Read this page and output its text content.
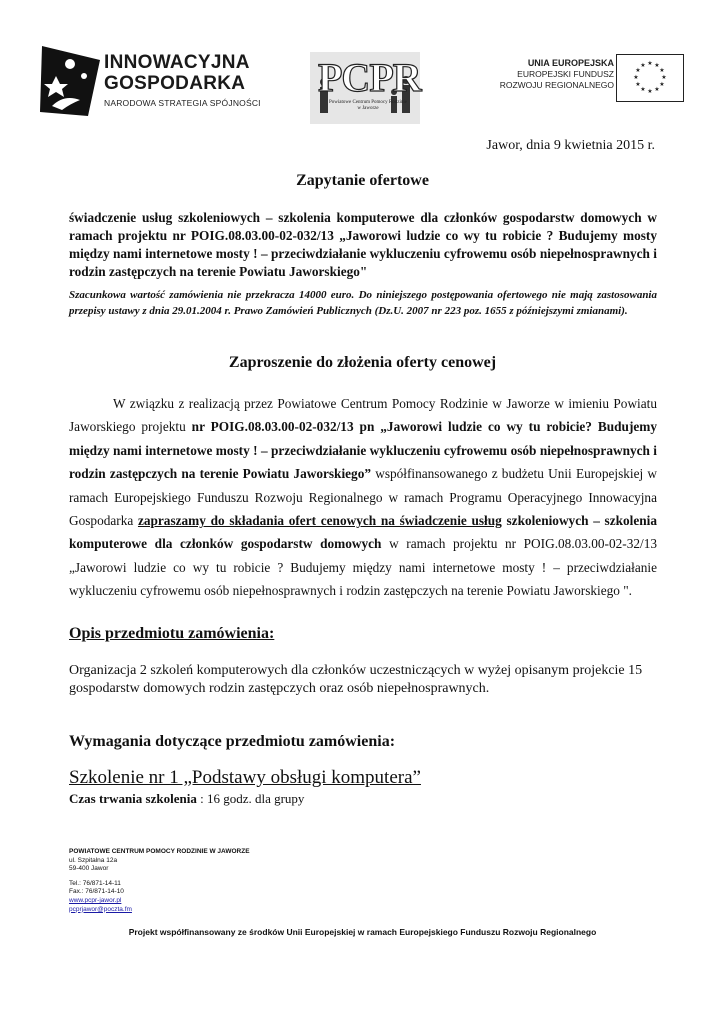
INNOWACYJNA
GOSPODARKA
NARODOWA STRATEGIA SPÓJNOŚCI
PCPR
Powiatowe Centrum Pomocy Rodzinie w Jaworze
UNIA EUROPEJSKA
EUROPEJSKI FUNDUSZ
ROZWOJU REGIONALNEGO
★ ★
★
★
★
★
★
★
★
★
★
★
Jawor, dnia 9 kwietnia 2015 r.
Zapytanie ofertowe
świadczenie usług szkoleniowych – szkolenia komputerowe dla członków gospodarstw domowych w ramach projektu nr POIG.08.03.00-02-032/13 „Jaworowi ludzie co wy tu robicie ? Budujemy mosty między nami internetowe mosty ! – przeciwdziałanie wykluczeniu cyfrowemu osób niepełnosprawnych i rodzin zastępczych na terenie Powiatu Jaworskiego"
Szacunkowa wartość zamówienia nie przekracza 14000 euro. Do niniejszego postępowania ofertowego nie mają zastosowania przepisy ustawy z dnia 29.01.2004 r. Prawo Zamówień Publicznych (Dz.U. 2007 nr 223 poz. 1655 z późniejszymi zmianami).
Zaproszenie do złożenia oferty cenowej

W związku z realizacją przez Powiatowe Centrum Pomocy Rodzinie w Jaworze w imieniu Powiatu Jaworskiego projektu nr POIG.08.03.00-02-032/13 pn „Jaworowi ludzie co wy tu robicie? Budujemy między nami internetowe mosty ! – przeciwdziałanie wykluczeniu cyfrowemu osób niepełnosprawnych i rodzin zastępczych na terenie Powiatu Jaworskiego” współfinansowanego z budżetu Unii Europejskiej w ramach Europejskiego Funduszu Rozwoju Regionalnego w ramach Programu Operacyjnego Innowacyjna Gospodarka zapraszamy do składania ofert cenowych na świadczenie usług szkoleniowych – szkolenia komputerowe dla członków gospodarstw domowych w ramach projektu nr POIG.08.03.00-02-32/13 „Jaworowi ludzie co wy tu robicie ? Budujemy między nami internetowe mosty ! – przeciwdziałanie wykluczeniu cyfrowemu osób niepełnosprawnych i rodzin zastępczych na terenie Powiatu Jaworskiego ".

Opis przedmiotu zamówienia:
Organizacja 2 szkoleń komputerowych dla członków uczestniczących w wyżej opisanym projekcie 15 gospodarstw domowych rodzin zastępczych oraz osób niepełnosprawnych.
Wymagania dotyczące przedmiotu zamówienia:
Szkolenie nr 1 „Podstawy obsługi komputera”
Czas trwania szkolenia : 16 godz. dla grupy
POWIATOWE CENTRUM POMOCY RODZINIE W JAWORZE
ul. Szpitalna 12a
59-400 Jawor
Tel.: 76/871-14-11
Fax.: 76/871-14-10
www.pcpr-jawor.pl
pcprjawor@poczta.fm
Projekt współfinansowany ze środków Unii Europejskiej w ramach Europejskiego Funduszu Rozwoju Regionalnego
